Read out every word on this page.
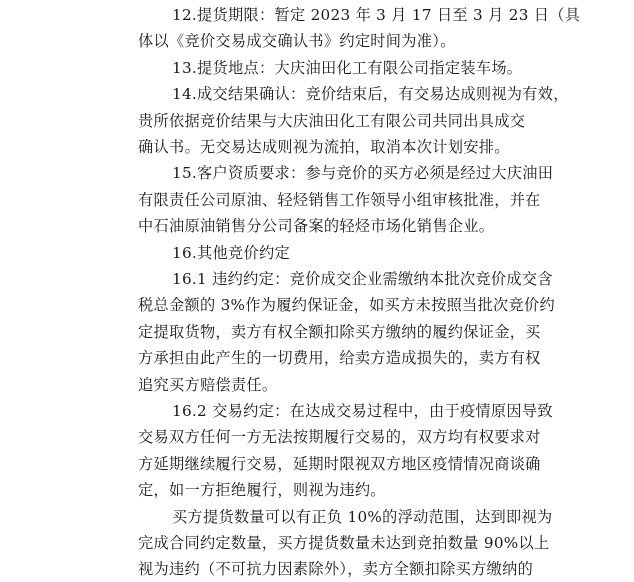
12.提货期限：暂定 2023 年 3 月 17 日至 3 月 23 日（具
体以《竞价交易成交确认书》约定时间为准）。
13.提货地点：大庆油田化工有限公司指定装车场。
14.成交结果确认：竞价结束后，有交易达成则视为有效，
贵所依据竞价结果与大庆油田化工有限公司共同出具成交
确认书。无交易达成则视为流拍，取消本次计划安排。
15.客户资质要求：参与竞价的买方必须是经过大庆油田
有限责任公司原油、轻烃销售工作领导小组审核批准，并在
中石油原油销售分公司备案的轻烃市场化销售企业。
16.其他竞价约定
16.1 违约约定：竞价成交企业需缴纳本批次竞价成交含
税总金额的 3%作为履约保证金，如买方未按照当批次竞价约
定提取货物，卖方有权全额扣除买方缴纳的履约保证金，买
方承担由此产生的一切费用，给卖方造成损失的，卖方有权
追究买方赔偿责任。
16.2 交易约定：在达成交易过程中，由于疫情原因导致
交易双方任何一方无法按期履行交易的，双方均有权要求对
方延期继续履行交易，延期时限视双方地区疫情情况商谈确
定，如一方拒绝履行，则视为违约。
买方提货数量可以有正负 10%的浮动范围，达到即视为
完成合同约定数量，买方提货数量未达到竞拍数量 90%以上
视为违约（不可抗力因素除外），卖方全额扣除买方缴纳的
